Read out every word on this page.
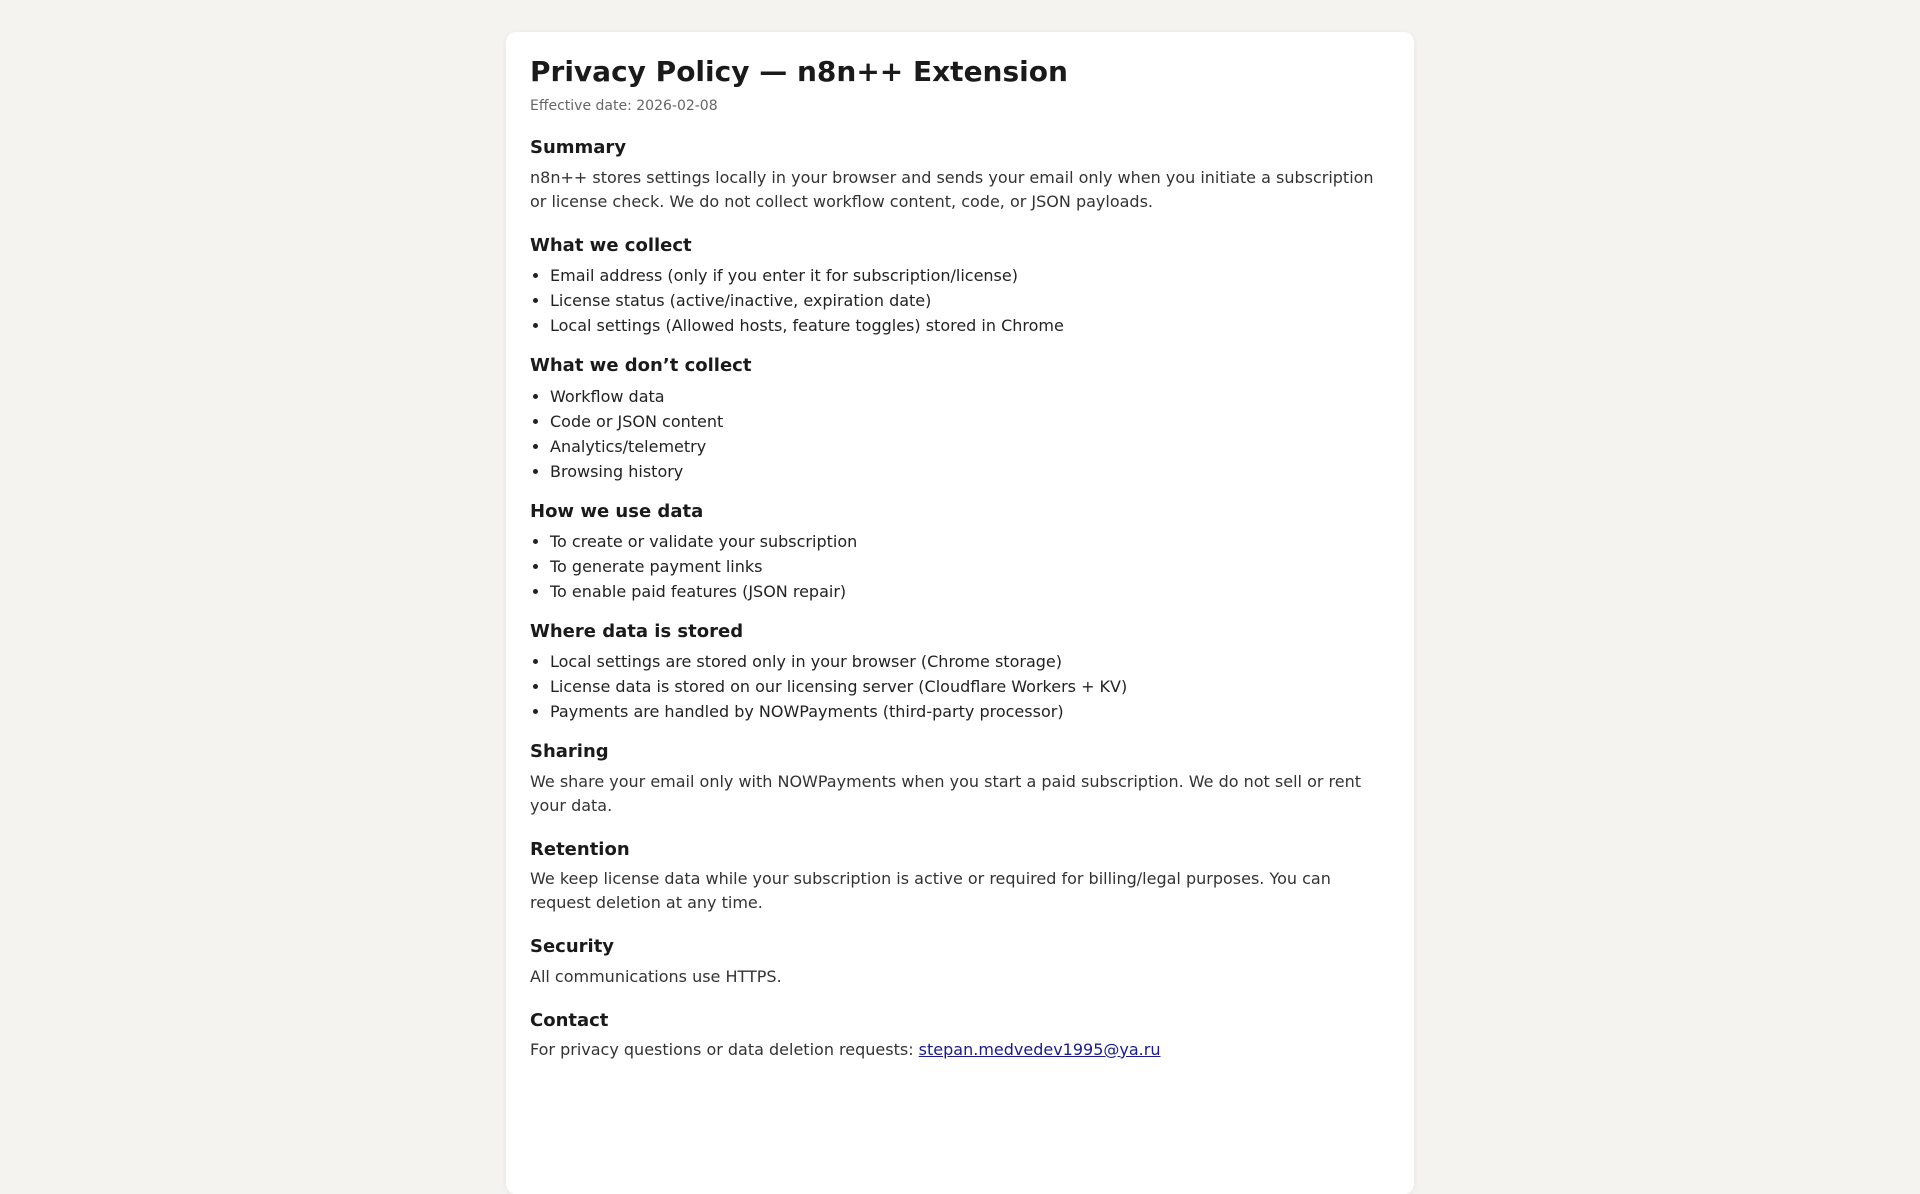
Privacy Policy — n8n++ Extension
Effective date: 2026-02-08
Summary

n8n++ stores settings locally in your browser and sends your email only when you initiate a subscription or license check. We do not collect workflow content, code, or JSON payloads.

What we collect
• Email address (only if you enter it for subscription/license)
• License status (active/inactive, expiration date)
• Local settings (Allowed hosts, feature toggles) stored in Chrome
What we don’t collect
• Workflow data
• Code or JSON content
• Analytics/telemetry
• Browsing history
How we use data
• To create or validate your subscription
• To generate payment links
• To enable paid features (JSON repair)
Where data is stored
• Local settings are stored only in your browser (Chrome storage)
• License data is stored on our licensing server (Cloudflare Workers + KV)
• Payments are handled by NOWPayments (third-party processor)
Sharing

We share your email only with NOWPayments when you start a paid subscription. We do not sell or rent your data.

Retention

We keep license data while your subscription is active or required for billing/legal purposes. You can request deletion at any time.

Security

All communications use HTTPS.

Contact

For privacy questions or data deletion requests: stepan.medvedev1995@ya.ru
